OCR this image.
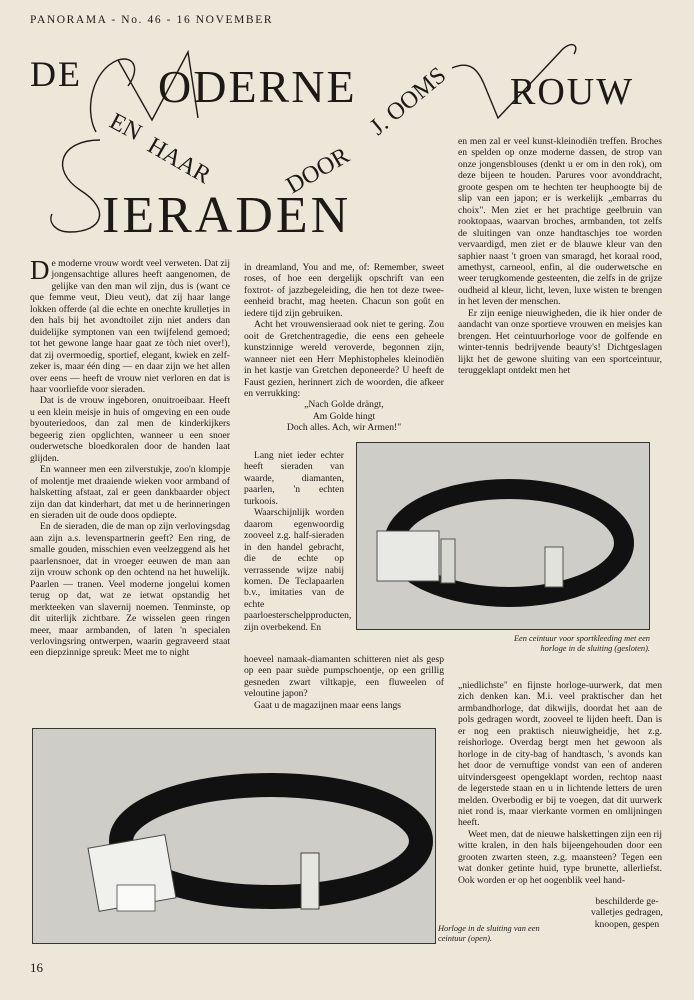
PANORAMA - No. 46 - 16 NOVEMBER
DE ODERNE	ROUW
EN
HAAR	DOOR
J. OOMS
IERADEN

De moderne vrouw wordt veel verweten. Dat zij jongensachtige allures heeft aangenomen, de gelijke van den man wil zijn, dus is (want ce que femme veut, Dieu veut), dat zij haar lange lokken offerde (al die echte en onechte krulletjes in den hals bij het avondtoilet zijn niet anders dan duidelijke symptonen van een twijfelend gemoed; tot het gewone lange haar gaat ze tòch niet over!), dat zij overmoedig, sportief, elegant, kwiek en zelf-zeker is, maar één ding — en daar zijn we het allen over eens — heeft de vrouw niet verloren en dat is haar voorliefde voor sieraden.

Dat is de vrouw ingeboren, onuitroeibaar. Heeft u een klein meisje in huis of omgeving en een oude byouteriedoos, dan zal men de kinderkijkers begeerig zien opglichten, wanneer u een snoer ouderwetsche bloedkoralen door de handen laat glijden.

En wanneer men een zilverstukje, zoo'n klompje of molentje met draaiende wieken voor armband of halsketting afstaat, zal er geen dankbaarder object zijn dan dat kinderhart, dat met u de herinneringen en sieraden uit de oude doos opdiepte.

En de sieraden, die de man op zijn verlovingsdag aan zijn a.s. levenspartnerin geeft? Een ring, de smalle gouden, misschien even veelzeggend als het paarlensnoer, dat in vroeger eeuwen de man aan zijn vrouw schonk op den ochtend na het huwelijk. Paarlen — tranen. Veel moderne jongelui komen terug op dat, wat ze ietwat opstandig het merkteeken van slavernij noemen. Tenminste, op dit uiterlijk zichtbare. Ze wisselen geen ringen meer, maar armbanden, of laten 'n specialen verlovingsring ontwerpen, waarin gegraveerd staat een diepzinnige spreuk: Meet me to night

in dreamland, You and me, of: Remember, sweet roses, of hoe een dergelijk opschrift van een foxtrot- of jazzbegeleiding, die hen tot deze twee-eenheid bracht, mag heeten. Chacun son goût en iedere tijd zijn gebruiken.

Acht het vrouwensieraad ook niet te gering. Zou ooit de Gretchentragedie, die eens een geheele kunstzinnige wereld veroverde, begonnen zijn, wanneer niet een Herr Mephistopheles kleinodiën in het kastje van Gretchen deponeerde? U heeft de Faust gezien, herinnert zich de woorden, die afkeer en verrukking:

„Nach Golde drängt,

Am Golde hingt

Doch alles. Ach, wir Armen!"

Lang niet ieder echter heeft sieraden van waarde, diamanten, paarlen, 'n echten turkoois.

Waarschijnlijk worden daarom egenwoordig zooveel z.g. half-sieraden in den handel gebracht, die de echte op verrassende wijze nabij komen. De Teclapaarlen b.v., imitaties van de echte paarloesterschelpproducten, zijn overbekend. En

hoeveel namaak-diamanten schitteren niet als gesp op een paar suède pumpschoentje, op een grillig gesneden zwart viltkapje, een fluweelen of veloutine japon?

Gaat u de magazijnen maar eens langs

en men zal er veel kunst-kleinodiën treffen. Broches en spelden op onze moderne dassen, de strop van onze jongensblouses (denkt u er om in den rok), om deze bijeen te houden. Parures voor avonddracht, groote gespen om te hechten ter heuphoogte bij de slip van een japon; er is werkelijk „embarras du choix". Men ziet er het prachtige geelbruin van rooktopaas, waarvan broches, armbanden, tot zelfs de sluitingen van onze handtaschjes toe worden vervaardigd, men ziet er de blauwe kleur van den saphier naast 't groen van smaragd, het koraal rood, amethyst, carneool, enfin, al die ouderwetsche en weer terugkomende gesteenten, die zelfs in de grijze oudheid al kleur, licht, leven, luxe wisten te brengen in het leven der menschen.

Er zijn eenige nieuwigheden, die ik hier onder de aandacht van onze sportieve vrouwen en meisjes kan brengen. Het ceintuurhorloge voor de golfende en winter-tennis bedrijvende beauty's! Dichtgeslagen lijkt het de gewone sluiting van een sportceintuur, teruggeklapt ontdekt men het

Een ceintuur voor sportkleeding met een horloge in de sluiting (gesloten).

„niedlichste" en fijnste horloge-uurwerk, dat men zich denken kan. M.i. veel praktischer dan het armbandhorloge, dat dikwijls, doordat het aan de pols gedragen wordt, zooveel te lijden heeft. Dan is er nog een praktisch nieuwigheidje, het z.g. reishorloge. Overdag bergt men het gewoon als horloge in de city-bag of handtasch, 's avonds kan het door de vernuftige vondst van een of anderen uitvindersgeest opengeklapt worden, rechtop naast de legerstede staan en u in lichtende letters de uren melden. Overbodig er bij te voegen, dat dit uurwerk niet rond is, maar vierkante vormen en omlijningen heeft.

Weet men, dat de nieuwe halskettingen zijn een rij witte kralen, in den hals bijeengehouden door een grooten zwarten steen, z.g. maansteen? Tegen een wat donker getinte huid, type brunette, allerliefst. Ook worden er op het oogenblik veel hand-

beschilderde ge-

valletjes gedragen,

knoopen, gespen

Horloge in de sluiting van een ceintuur (open).
16
